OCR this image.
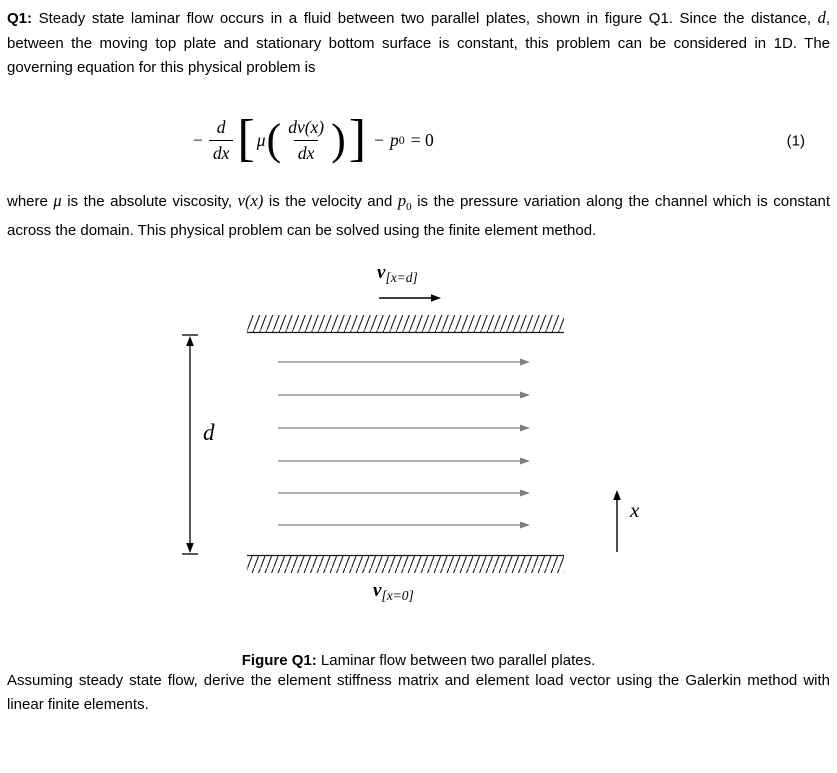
Q1: Steady state laminar flow occurs in a fluid between two parallel plates, shown in figure Q1. Since the distance, d, between the moving top plate and stationary bottom surface is constant, this problem can be considered in 1D. The governing equation for this physical problem is

− $\frac{d}{dx}$ [ μ ( $\frac{dv(x)}{dx}$ ) ] − p 0 = 0	(1)

where μ is the absolute viscosity, v(x) is the velocity and $p_0$ is the pressure variation along the channel which is constant across the domain. This physical problem can be solved using the finite element method.

$v_{[x=d]}$
$v_{[x=0]}$
d
x

Figure Q1: Laminar flow between two parallel plates.

Assuming steady state flow, derive the element stiffness matrix and element load vector using the Galerkin method with linear finite elements.
